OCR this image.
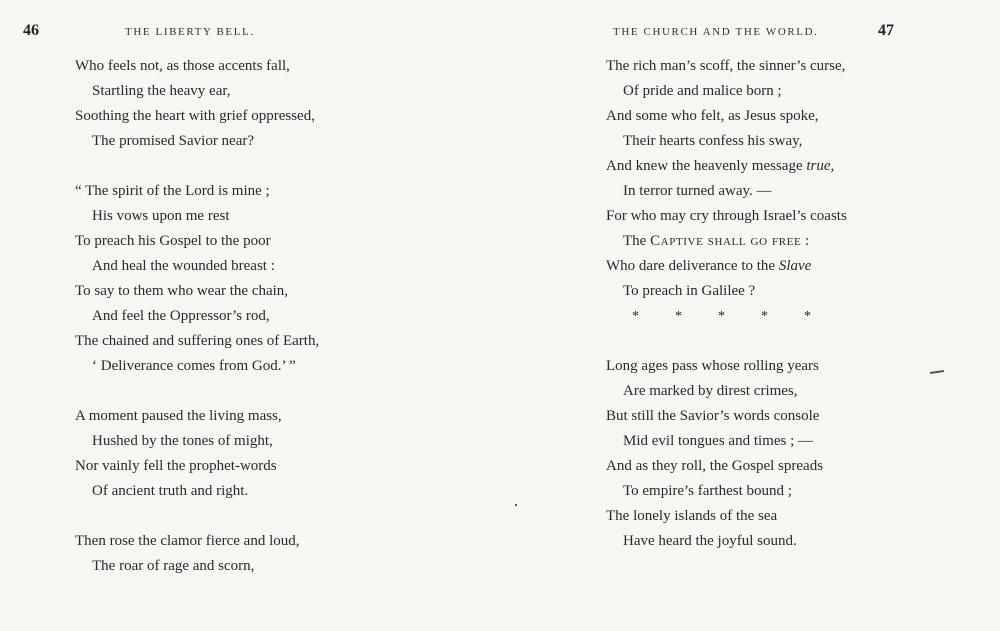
46	THE LIBERTY BELL.
Who feels not, as those accents fall,
Startling the heavy ear,
Soothing the heart with grief oppressed,
The promised Savior near?
“ The spirit of the Lord is mine ;
His vows upon me rest
To preach his Gospel to the poor
And heal the wounded breast :
To say to them who wear the chain,
And feel the Oppressor’s rod,
The chained and suffering ones of Earth,
‘ Deliverance comes from God.’ ”
A moment paused the living mass,
Hushed by the tones of might,
Nor vainly fell the prophet-words
Of ancient truth and right.
Then rose the clamor fierce and loud,
The roar of rage and scorn,
THE CHURCH AND THE WORLD.	47
The rich man’s scoff, the sinner’s curse,
Of pride and malice born ;
And some who felt, as Jesus spoke,
Their hearts confess his sway,
And knew the heavenly message true,
In terror turned away. —
For who may cry through Israel’s coasts
The Captive shall go free :
Who dare deliverance to the Slave
To preach in Galilee ?
*	*	*	*	*
Long ages pass whose rolling years
Are marked by direst crimes,
But still the Savior’s words console
Mid evil tongues and times ; —
And as they roll, the Gospel spreads
To empire’s farthest bound ;
The lonely islands of the sea
Have heard the joyful sound.
